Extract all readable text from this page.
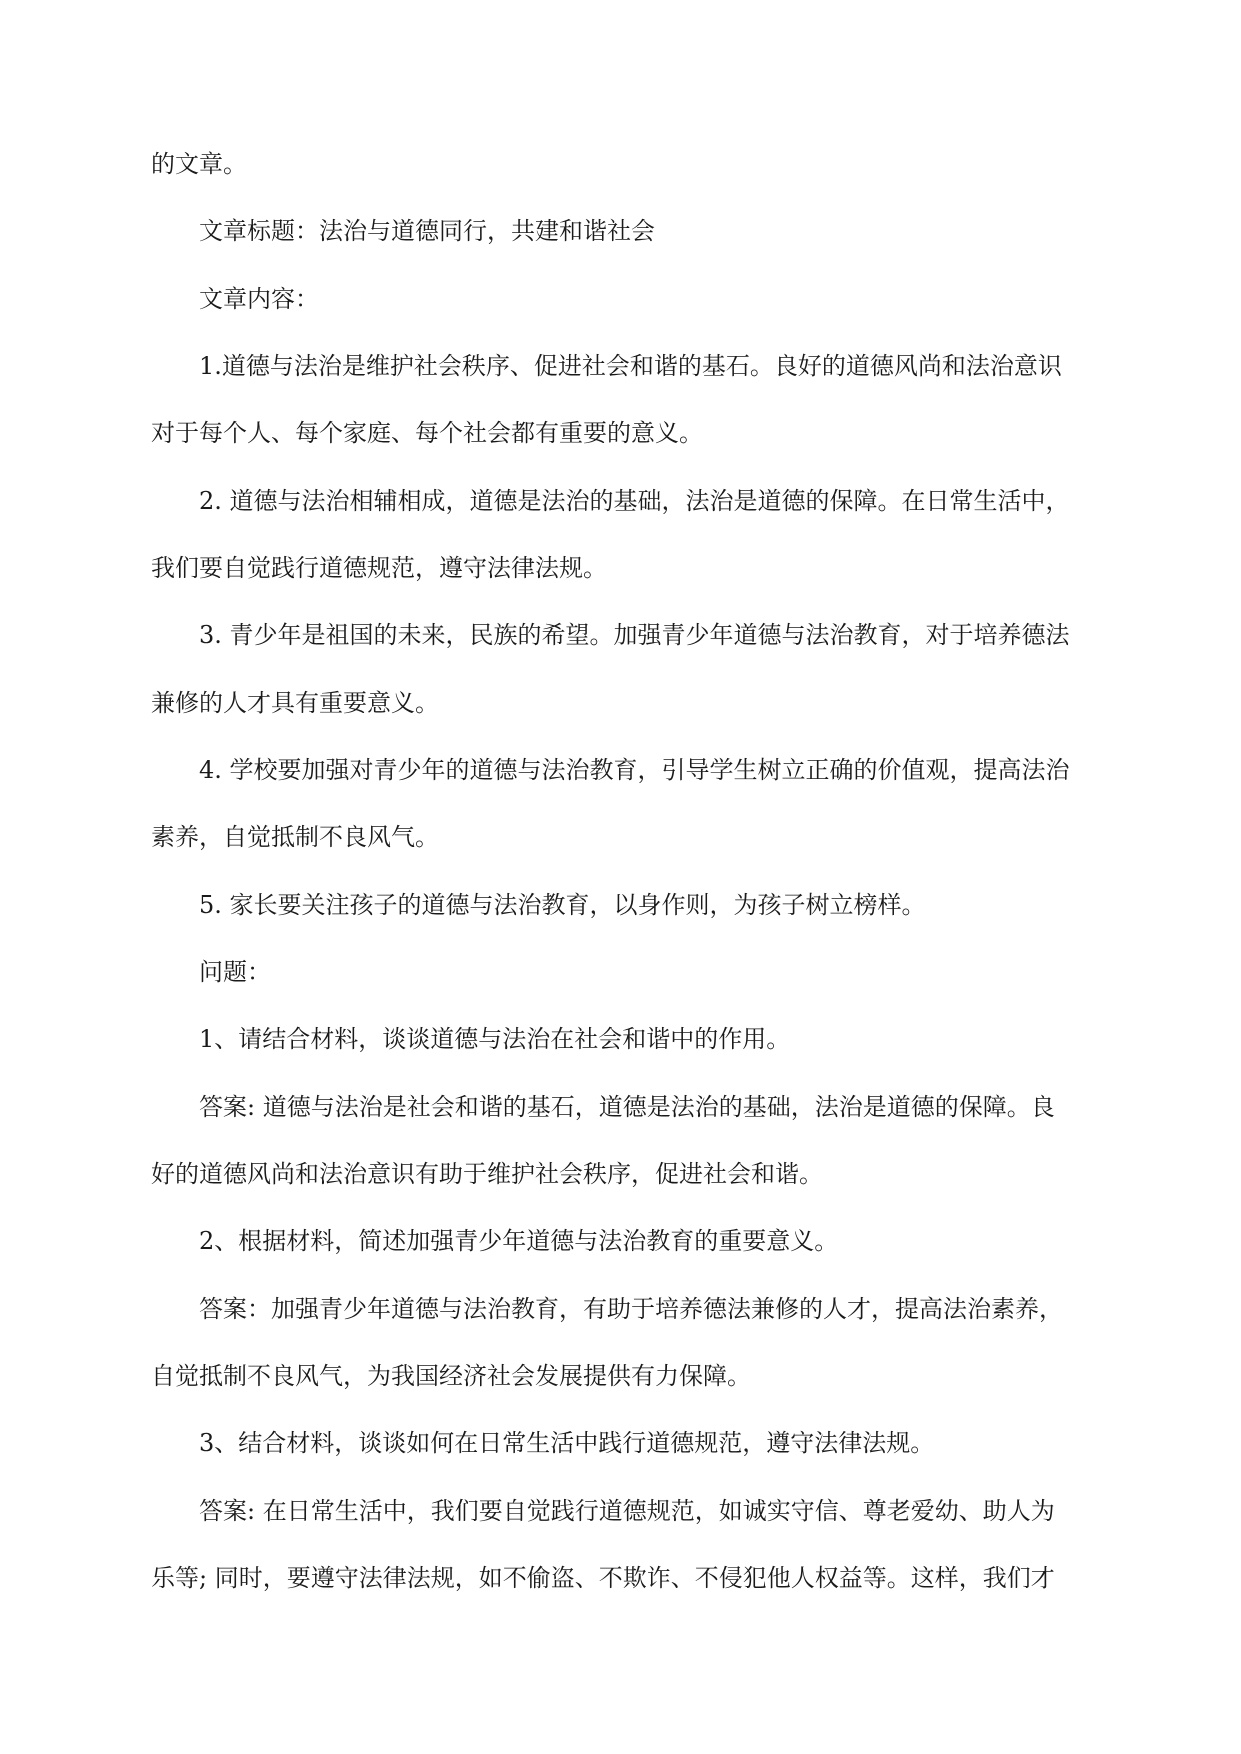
的文章。
文章标题：法治与道德同行，共建和谐社会
文章内容：
1.道德与法治是维护社会秩序、促进社会和谐的基石。良好的道德风尚和法治意识
对于每个人、每个家庭、每个社会都有重要的意义。
2. 道德与法治相辅相成，道德是法治的基础，法治是道德的保障。在日常生活中，
我们要自觉践行道德规范，遵守法律法规。
3. 青少年是祖国的未来，民族的希望。加强青少年道德与法治教育，对于培养德法
兼修的人才具有重要意义。
4. 学校要加强对青少年的道德与法治教育，引导学生树立正确的价值观，提高法治
素养，自觉抵制不良风气。
5. 家长要关注孩子的道德与法治教育，以身作则，为孩子树立榜样。
问题：
1、请结合材料，谈谈道德与法治在社会和谐中的作用。
答案: 道德与法治是社会和谐的基石，道德是法治的基础，法治是道德的保障。良
好的道德风尚和法治意识有助于维护社会秩序，促进社会和谐。
2、根据材料，简述加强青少年道德与法治教育的重要意义。
答案：加强青少年道德与法治教育，有助于培养德法兼修的人才，提高法治素养，
自觉抵制不良风气，为我国经济社会发展提供有力保障。
3、结合材料，谈谈如何在日常生活中践行道德规范，遵守法律法规。
答案: 在日常生活中，我们要自觉践行道德规范，如诚实守信、尊老爱幼、助人为
乐等; 同时，要遵守法律法规，如不偷盗、不欺诈、不侵犯他人权益等。这样，我们才
